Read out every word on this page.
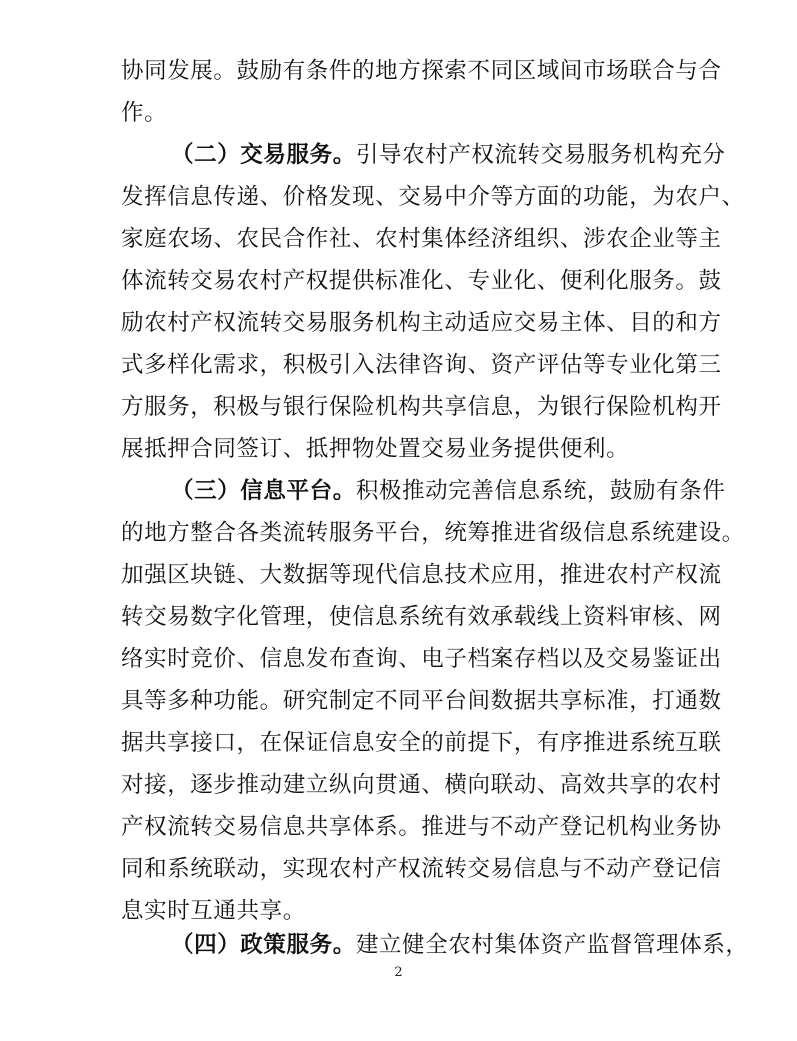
协同发展。鼓励有条件的地方探索不同区域间市场联合与合
作。
（二）交易服务。引导农村产权流转交易服务机构充分
发挥信息传递、价格发现、交易中介等方面的功能，为农户、
家庭农场、农民合作社、农村集体经济组织、涉农企业等主
体流转交易农村产权提供标准化、专业化、便利化服务。鼓
励农村产权流转交易服务机构主动适应交易主体、目的和方
式多样化需求，积极引入法律咨询、资产评估等专业化第三
方服务，积极与银行保险机构共享信息，为银行保险机构开
展抵押合同签订、抵押物处置交易业务提供便利。
（三）信息平台。积极推动完善信息系统，鼓励有条件
的地方整合各类流转服务平台，统筹推进省级信息系统建设。
加强区块链、大数据等现代信息技术应用，推进农村产权流
转交易数字化管理，使信息系统有效承载线上资料审核、网
络实时竞价、信息发布查询、电子档案存档以及交易鉴证出
具等多种功能。研究制定不同平台间数据共享标准，打通数
据共享接口，在保证信息安全的前提下，有序推进系统互联
对接，逐步推动建立纵向贯通、横向联动、高效共享的农村
产权流转交易信息共享体系。推进与不动产登记机构业务协
同和系统联动，实现农村产权流转交易信息与不动产登记信
息实时互通共享。
（四）政策服务。建立健全农村集体资产监督管理体系，
2
